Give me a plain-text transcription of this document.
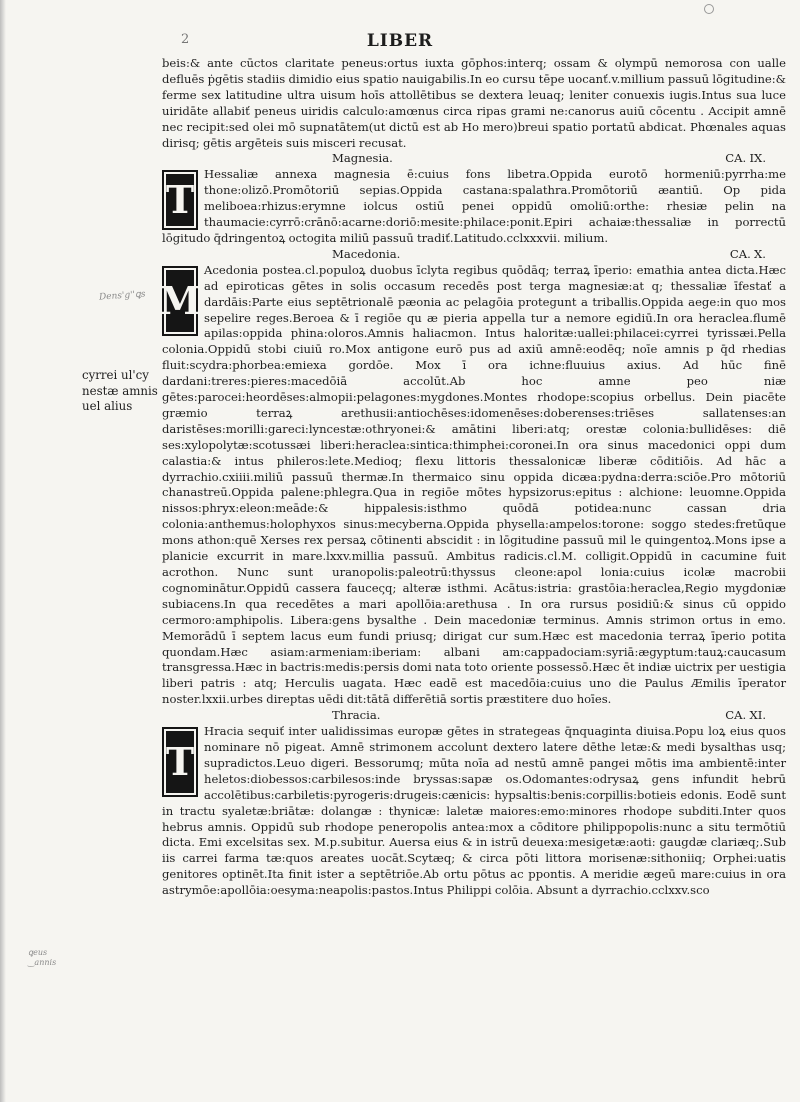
2	LIBER
Dens'g''ꝗs
cyrrei ul'cy nestæ amnis uel alius
ꝗeus ‿annis

beis:& ante cūctos claritate peneus:ortus iuxta gōphos:interq; ossam & olympū nemorosa con ualle defluēs ṗgētis stadiis dimidio eius spatio nauigabilis.In eo cursu tēpe uocanť.v.millium passuū lōgitudine:& ferme sex latitudine ultra uisum hoīs attollētibus se dextera leuaq; leniter conuexis iugis.Intus sua luce uiridāte allabiť peneus uiridis calculo:amœnus circa ripas grami ne:canorus auiū cōcentu . Accipit amnē nec recipit:sed olei mō supnatātem(ut dictū est ab Ho mero)breui spatio portatū abdicat. Phœnales aquas dirisq; gētis argēteis suis misceri recusat.

Magnesia.	CA. IX.

T
Hessaliæ annexa magnesia ē:cuius fons libetra.Oppida eurotō hormeniū:pyrrha:me thone:olizō.Promōtoriū sepias.Oppida castana:spalathra.Promōtoriū æantiū. Op pida meliboea:rhizus:erymne iolcus ostiū penei oppidū omoliū:orthe: rhesiæ pelin na thaumacie:cyrrō:crānō:acarne:doriō:mesite:philace:ponit.Epiri achaiæ:thessaliæ in porrectū lōgitudo q̄dringentoꝝ octogita miliū passuū tradiť.Latitudo.cclxxxvii. milium.

Macedonia.	CA. X.

M
Acedonia postea.cl.populoꝝ duobus īclyta regibus quōdāq; terraꝝ īperio: emathia antea dicta.Hæc ad epiroticas gētes in solis occasum recedēs post terga magnesiæ:at q; thessaliæ īfestať a dardāis:Parte eius septētrionalē pæonia ac pelagōia protegunt a triballis.Oppida aege:in quo mos sepelire reges.Beroea & ī regiōe qu æ pieria appella tur a nemore egidiū.In ora heraclea.flumē apilas:oppida phina:oloros.Amnis haliacmon. Intus haloritæ:uallei:philacei:cyrrei tyrissæi.Pella colonia.Oppidū stobi ciuiū ro.Mox antigone eurō pus ad axiū amnē:eodēq; noīe amnis p q̄d rhedias fluit:scydra:phorbea:emiexa gordōe. Mox ī ora ichne:fluuius axius. Ad hūc finē dardani:treres:pieres:macedōiā accolūt.Ab hoc amne peo niæ gētes:parocei:heordēses:almopii:pelagones:mygdones.Montes rhodope:scopius orbellus. Dein piacēte græmio terraꝝ arethusii:antiochēses:idomenēses:doberenses:triēses sallatenses:an daristēses:morilli:gareci:lyncestæ:othryonei:& amātini liberi:atq; orestæ colonia:bullidēses: diē ses:xylopolytæ:scotussæi liberi:heraclea:sintica:thimphei:coronei.In ora sinus macedonici oppi dum calastia:& intus phileros:lete.Medioq; flexu littoris thessalonicæ liberæ cōditiōis. Ad hāc a dyrrachio.cxiiii.miliū passuū thermæ.In thermaico sinu oppida dicæa:pydna:derra:sciōe.Pro mōtoriū chanastreū.Oppida palene:phlegra.Qua in regiōe mōtes hypsizorus:epitus : alchione: leuomne.Oppida nissos:phryx:eleon:meāde:& hippalesis:isthmo quōdā potidea:nunc cassan dria colonia:anthemus:holophyxos sinus:mecyberna.Oppida physella:ampelos:torone: soggo stedes:fretūque mons athon:quē Xerses rex persaꝝ cōtinenti abscidit : in lōgitudine passuū mil le quingentoꝝ.Mons ipse a planicie excurrit in mare.lxxv.millia passuū. Ambitus radicis.cl.M. colligit.Oppidū in cacumine fuit acrothon. Nunc sunt uranopolis:paleotrū:thyssus cleone:apol lonia:cuius icolæ macrobii cognominātur.Oppidū cassera fauceςq; alteræ isthmi. Acātus:istria: grastōia:heraclea,Regio mygdoniæ subiacens.In qua recedētes a mari apollōia:arethusa . In ora rursus posidiū:& sinus cū oppido cermoro:amphipolis. Libera:gens bysalthe . Dein macedoniæ terminus. Amnis strimon ortus in emo. Memorādū ī septem lacus eum fundi priusq; dirigat cur sum.Hæc est macedonia terraꝝ īperio potita quondam.Hæc asiam:armeniam:iberiam: albani am:cappadociam:syriā:ægyptum:tauꝝ:caucasum transgressa.Hæc in bactris:medis:persis domi nata toto oriente possessō.Hæc ēt indiæ uictrix per uestigia liberi patris : atq; Herculis uagata. Hæc eadē est macedōia:cuius uno die Paulus Æmilis īperator noster.lxxii.urbes direptas uēdi dit:tātā differētiā sortis præstitere duo hoīes.

Thracia.	CA. XI.

T
Hracia sequiť inter ualidissimas europæ gētes in strategeas q̄nquaginta diuisa.Popu loꝝ eius quos nominare nō pigeat. Amnē strimonem accolunt dextero latere dēthe letæ:& medi bysalthas usq; supradictos.Leuo digeri. Bessorumq; mūta noīa ad nestū amnē pangei mōtis ima ambientē:inter heletos:diobessos:carbilesos:inde bryssas:sapæ os.Odomantes:odrysaꝝ gens infundit hebrū accolētibus:carbiletis:pyrogeris:drugeis:cænicis: hypsaltis:benis:corpillis:botieis edonis. Eodē sunt in tractu syaletæ:briātæ: dolangæ : thynicæ: laletæ maiores:emo:minores rhodope subditi.Inter quos hebrus amnis. Oppidū sub rhodope peneropolis antea:mox a cōditore philippopolis:nunc a situ termōtiū dicta. Emi excelsitas sex. M.p.subitur. Auersa eius & in istrū deuexa:mesigetæ:aoti: gaugdæ clariæq;.Sub iis carrei farma tæ:quos areates uocāt.Scytæq; & circa pōti littora morisenæ:sithoniiq; Orphei:uatis genitores optinēt.Ita finit ister a septētriōe.Ab ortu pōtus ac ppontis. A meridie ægeū mare:cuius in ora astrymōe:apollōia:oesyma:neapolis:pastos.Intus Philippi colōia. Absunt a dyrrachio.cclxxv.sco
